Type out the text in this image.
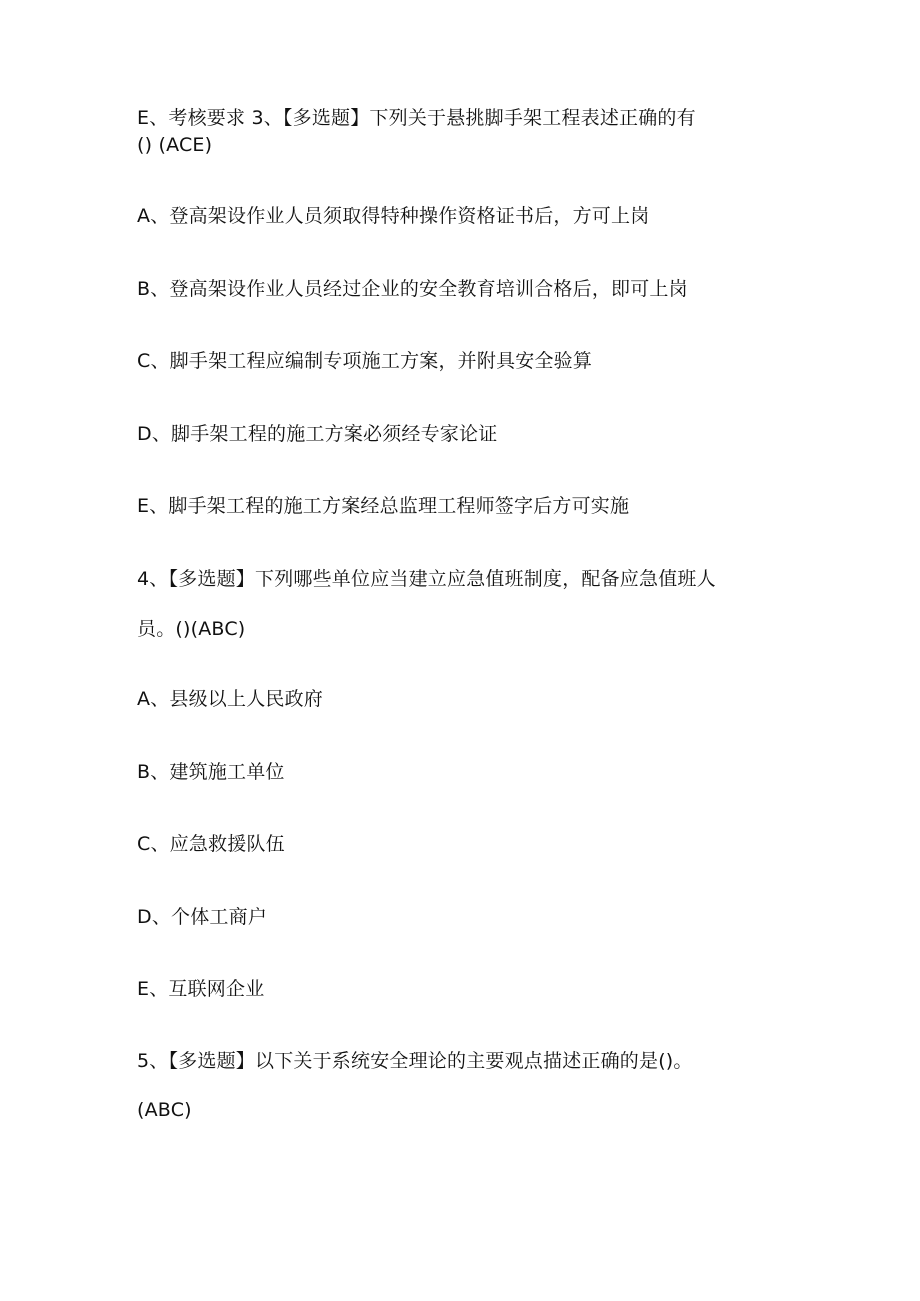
E、考核要求 3、【多选题】下列关于悬挑脚手架工程表述正确的有
() (ACE)
A、登高架设作业人员须取得特种操作资格证书后，方可上岗
B、登高架设作业人员经过企业的安全教育培训合格后，即可上岗
C、脚手架工程应编制专项施工方案，并附具安全验算
D、脚手架工程的施工方案必须经专家论证
E、脚手架工程的施工方案经总监理工程师签字后方可实施
4、【多选题】下列哪些单位应当建立应急值班制度，配备应急值班人
员。()(ABC)
A、县级以上人民政府
B、建筑施工单位
C、应急救援队伍
D、个体工商户
E、互联网企业
5、【多选题】以下关于系统安全理论的主要观点描述正确的是()。
(ABC)
